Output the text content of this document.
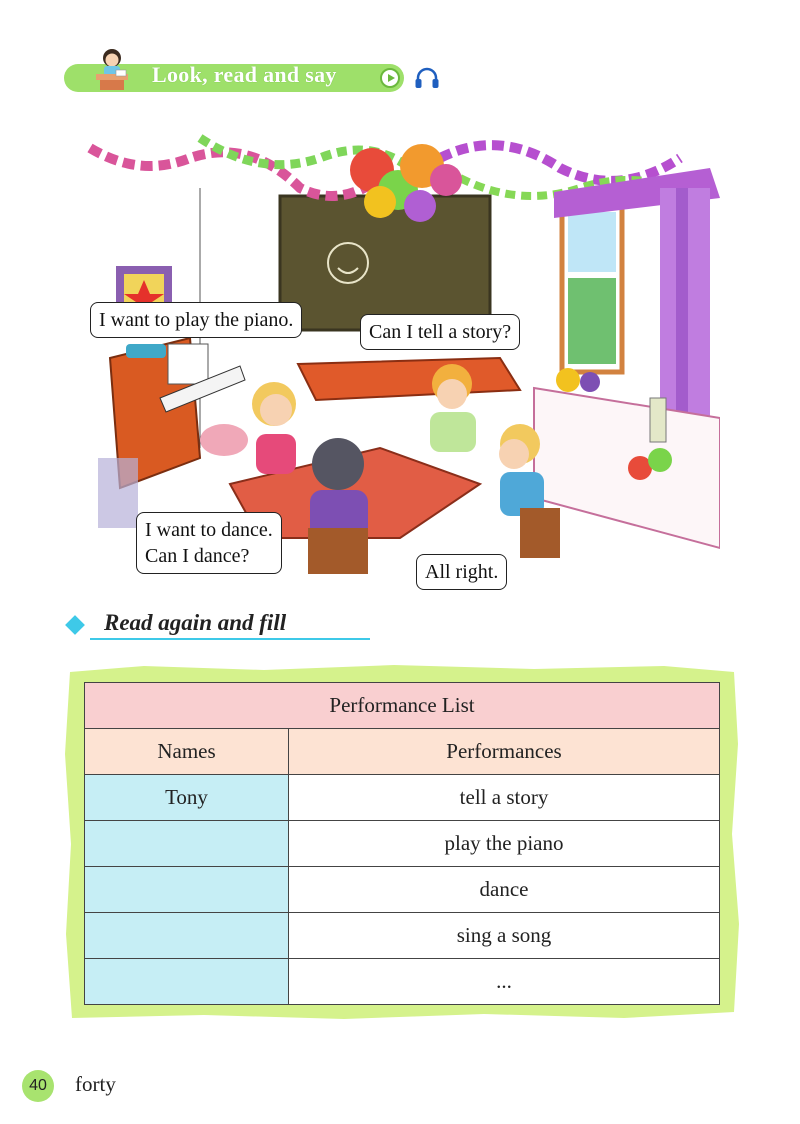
Look, read and say
I want to play the piano.
Can I tell a story?
I want to dance.
Can I dance?
All right.
Read again and fill
Performance List	
Names	Performances
Tony	tell a story
	play the piano
	dance
	sing a song
	...
40	forty
